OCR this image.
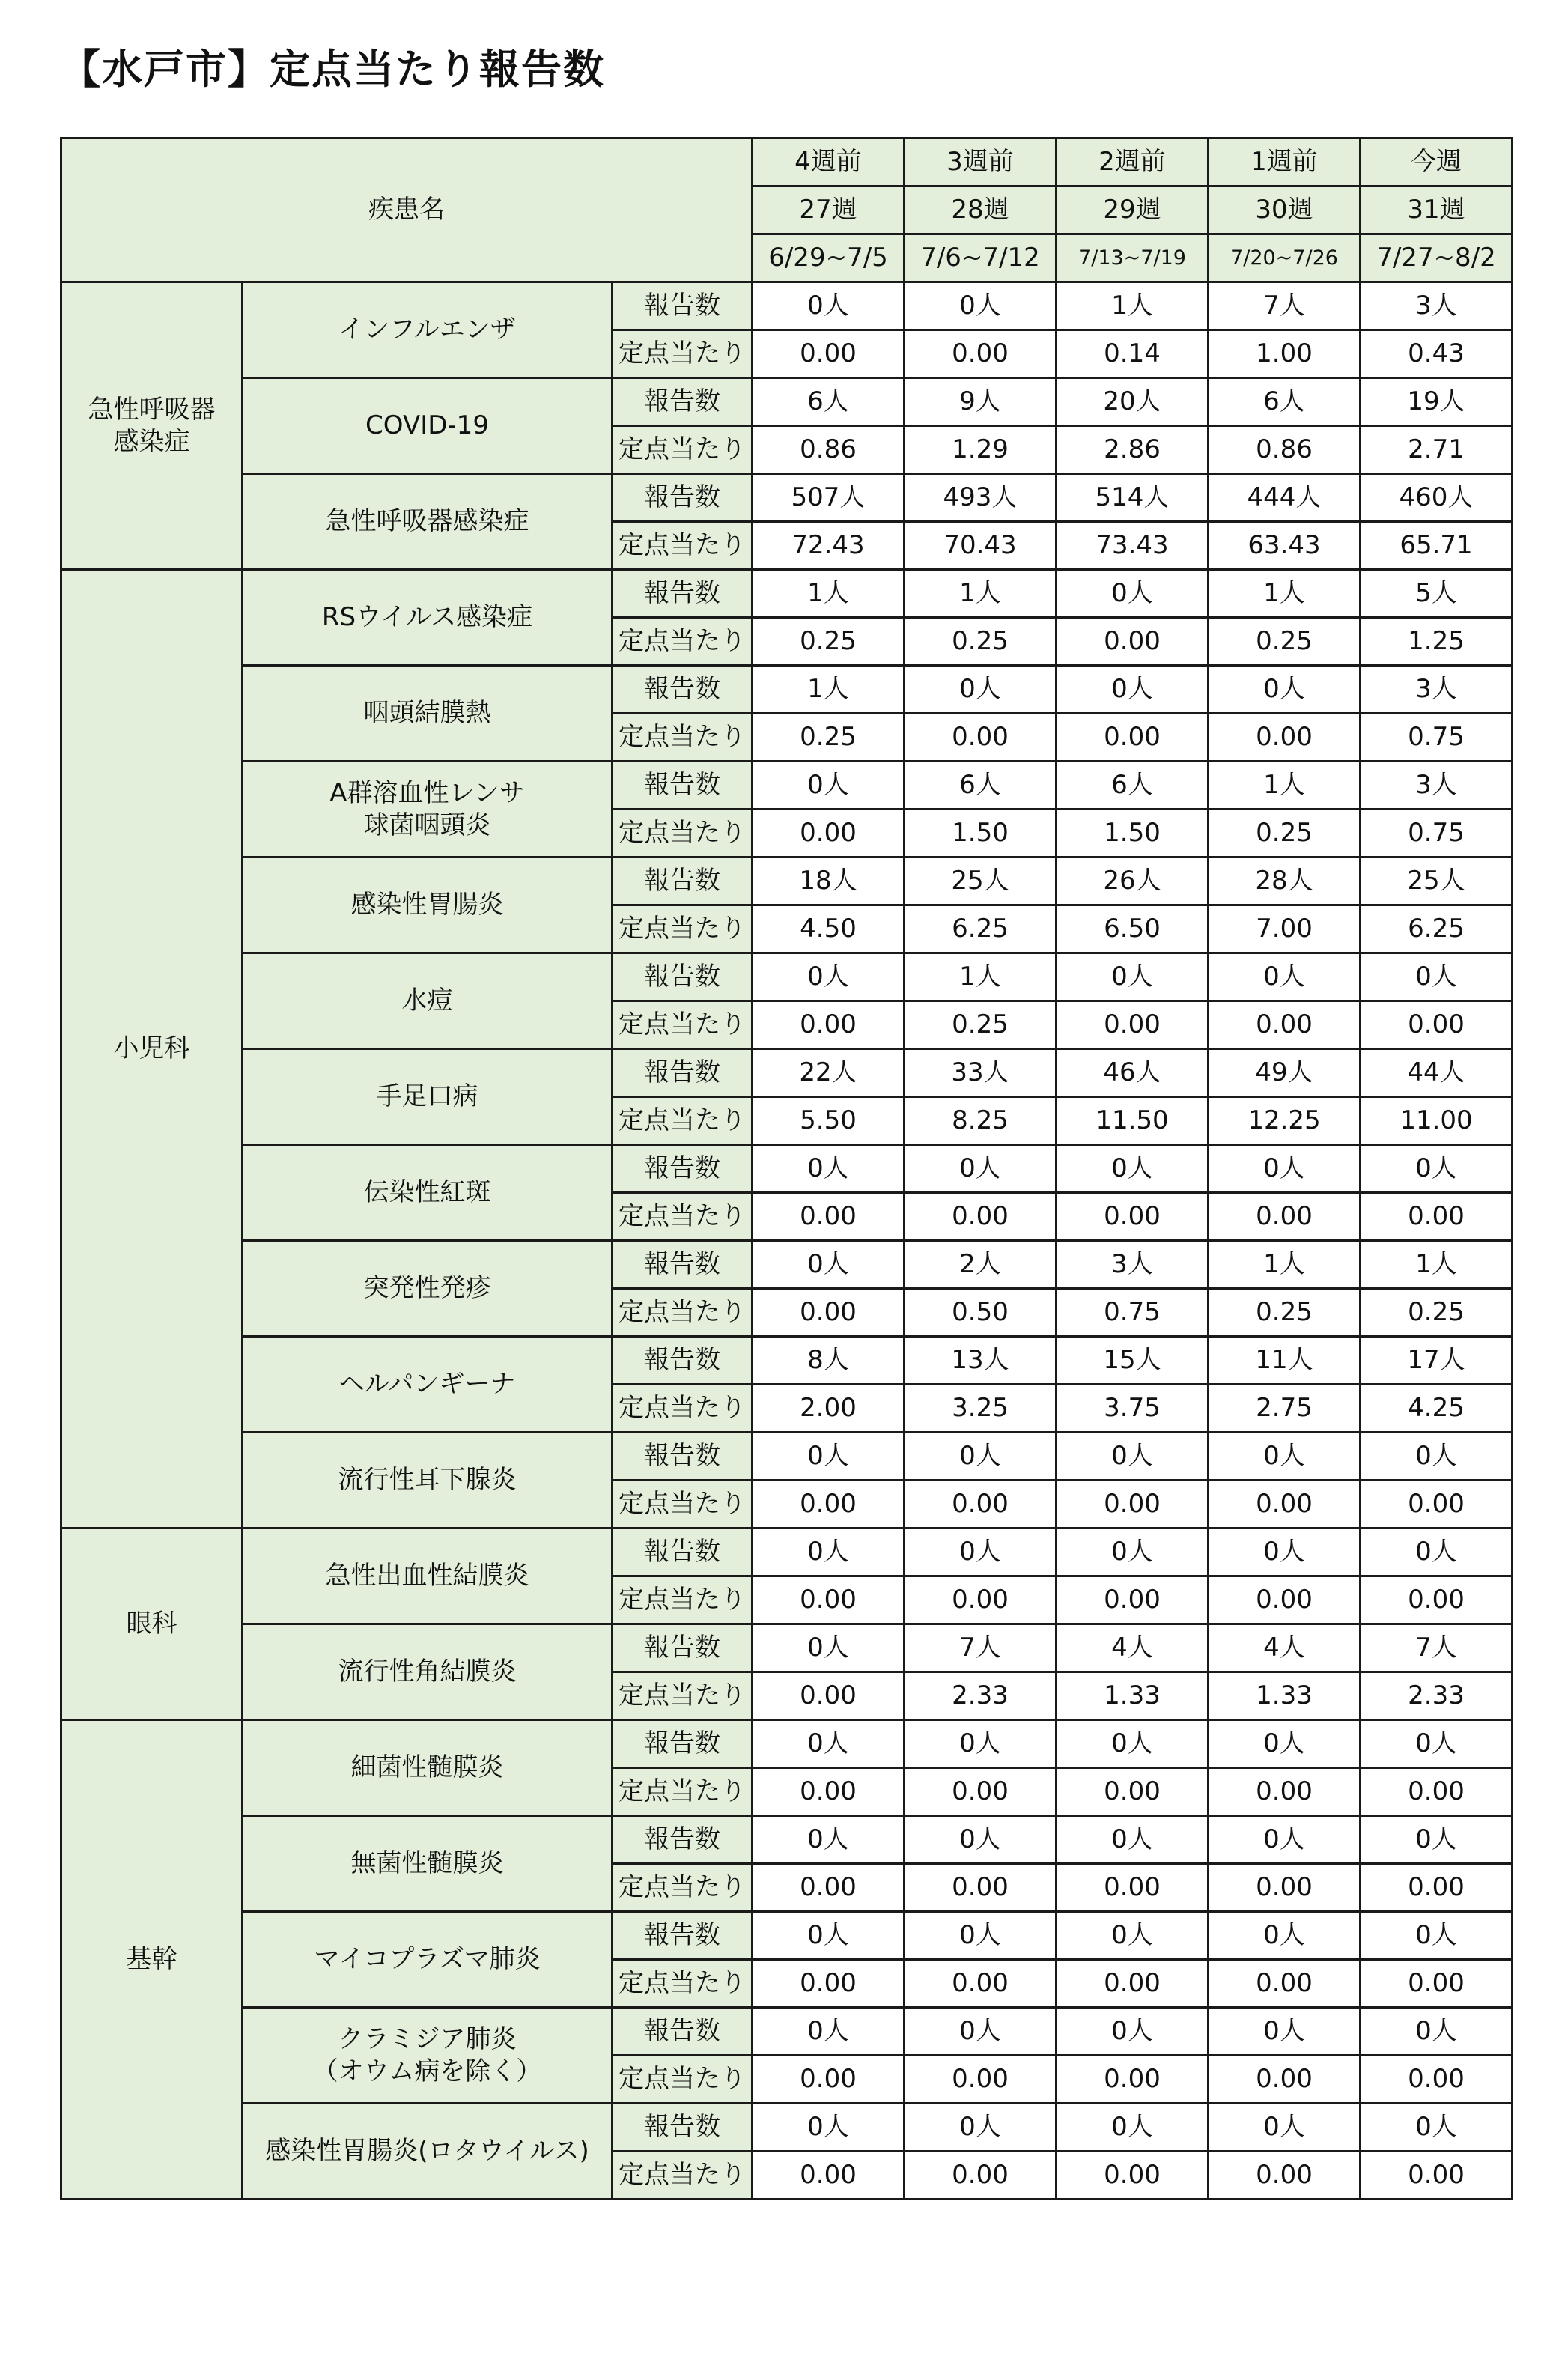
【水戸市】定点当たり報告数
疾患名			4週前	3週前	2週前	1週前	今週
			27週	28週	29週	30週	31週
			6/29~7/5	7/6~7/12	7/13~7/19	7/20~7/26	7/27~8/2
急性呼吸器
感染症	インフルエンザ	報告数	0人	0人	1人	7人	3人
		定点当たり	0.00	0.00	0.14	1.00	0.43
	COVID-19	報告数	6人	9人	20人	6人	19人
		定点当たり	0.86	1.29	2.86	0.86	2.71
	急性呼吸器感染症	報告数	507人	493人	514人	444人	460人
		定点当たり	72.43	70.43	73.43	63.43	65.71
小児科	RSウイルス感染症	報告数	1人	1人	0人	1人	5人
		定点当たり	0.25	0.25	0.00	0.25	1.25
	咽頭結膜熱	報告数	1人	0人	0人	0人	3人
		定点当たり	0.25	0.00	0.00	0.00	0.75
	A群溶血性レンサ
球菌咽頭炎	報告数	0人	6人	6人	1人	3人
		定点当たり	0.00	1.50	1.50	0.25	0.75
	感染性胃腸炎	報告数	18人	25人	26人	28人	25人
		定点当たり	4.50	6.25	6.50	7.00	6.25
	水痘	報告数	0人	1人	0人	0人	0人
		定点当たり	0.00	0.25	0.00	0.00	0.00
	手足口病	報告数	22人	33人	46人	49人	44人
		定点当たり	5.50	8.25	11.50	12.25	11.00
	伝染性紅斑	報告数	0人	0人	0人	0人	0人
		定点当たり	0.00	0.00	0.00	0.00	0.00
	突発性発疹	報告数	0人	2人	3人	1人	1人
		定点当たり	0.00	0.50	0.75	0.25	0.25
	ヘルパンギーナ	報告数	8人	13人	15人	11人	17人
		定点当たり	2.00	3.25	3.75	2.75	4.25
	流行性耳下腺炎	報告数	0人	0人	0人	0人	0人
		定点当たり	0.00	0.00	0.00	0.00	0.00
眼科	急性出血性結膜炎	報告数	0人	0人	0人	0人	0人
		定点当たり	0.00	0.00	0.00	0.00	0.00
	流行性角結膜炎	報告数	0人	7人	4人	4人	7人
		定点当たり	0.00	2.33	1.33	1.33	2.33
基幹	細菌性髄膜炎	報告数	0人	0人	0人	0人	0人
		定点当たり	0.00	0.00	0.00	0.00	0.00
	無菌性髄膜炎	報告数	0人	0人	0人	0人	0人
		定点当たり	0.00	0.00	0.00	0.00	0.00
	マイコプラズマ肺炎	報告数	0人	0人	0人	0人	0人
		定点当たり	0.00	0.00	0.00	0.00	0.00
	クラミジア肺炎
（オウム病を除く）	報告数	0人	0人	0人	0人	0人
		定点当たり	0.00	0.00	0.00	0.00	0.00
	感染性胃腸炎(ロタウイルス)	報告数	0人	0人	0人	0人	0人
		定点当たり	0.00	0.00	0.00	0.00	0.00
